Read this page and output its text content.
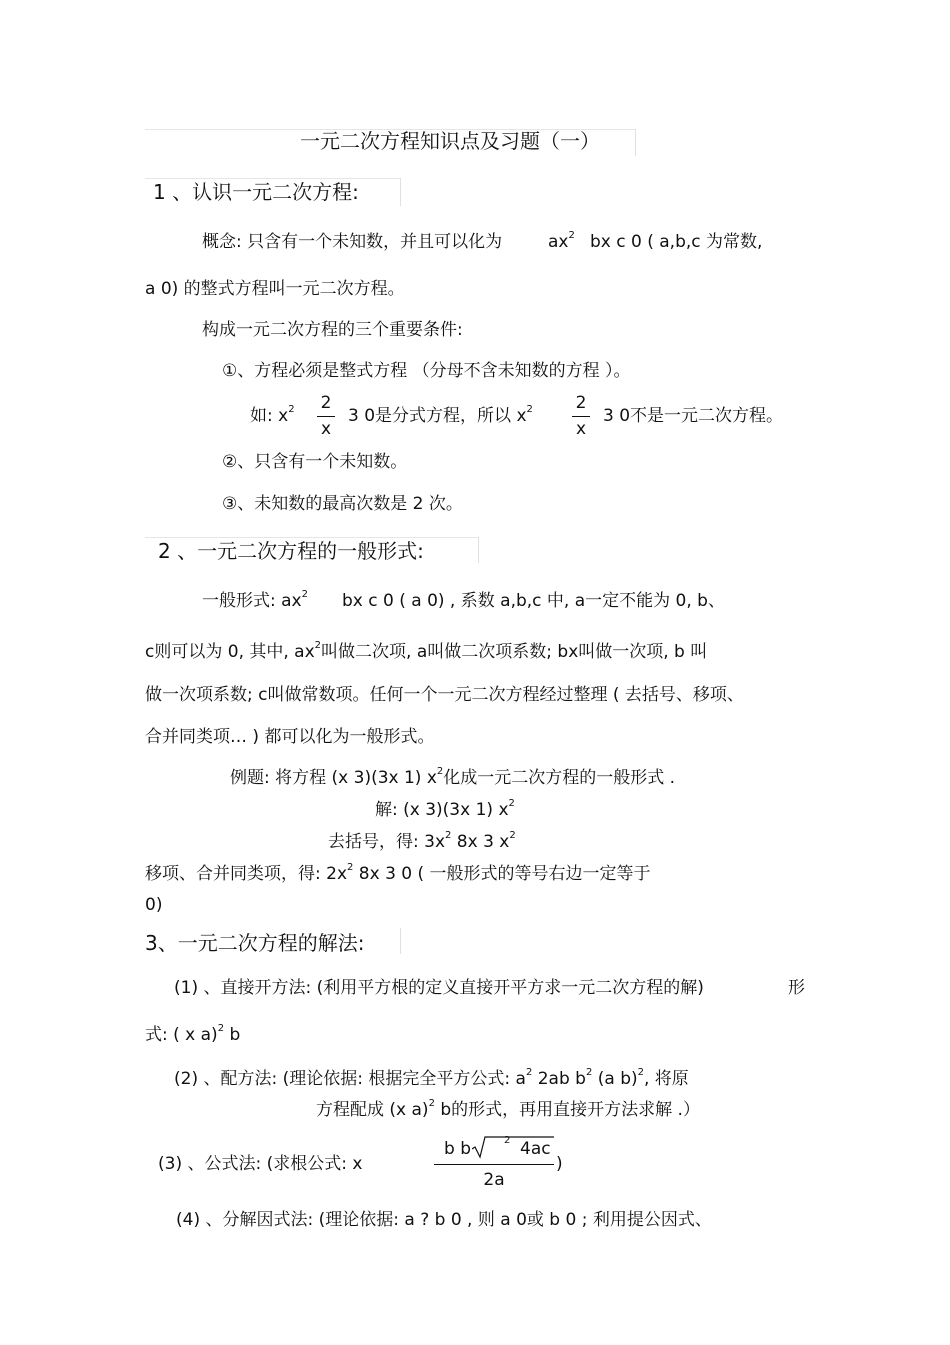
一元二次方程知识点及习题（一）
1 、认识一元二次方程:
概念: 只含有一个未知数，并且可以化为	$ax^2$ bx c 0 ( a,b,c 为常数,
a 0) 的整式方程叫一元二次方程。
构成一元二次方程的三个重要条件:
①、方程必须是整式方程 （分母不含未知数的方程 ）。
如: $x^2$ 2
x
3 0是分式方程，所以 $x^2$	2
x
3 0不是一元二次方程。
②、只含有一个未知数。
③、未知数的最高次数是 2 次。
2 、一元二次方程的一般形式:
一般形式: $ax^2$ bx c 0 ( a 0) , 系数 a,b,c 中, a一定不能为 0, b、
c则可以为 0, 其中, $ax^2$叫做二次项, a叫做二次项系数; bx叫做一次项, b 叫
做一次项系数; c叫做常数项。任何一个一元二次方程经过整理 ( 去括号、移项、
合并同类项… ) 都可以化为一般形式。
例题: 将方程 (x 3)(3x 1) $x^2$化成一元二次方程的一般形式 .
解: (x 3)(3x 1) $x^2$
去括号，得: $3x^2$ 8x 3 $x^2$
移项、合并同类项，得: $2x^2$ 8x 3 0 ( 一般形式的等号右边一定等于
0)
3、一元二次方程的解法:
(1) 、直接开方法: (利用平方根的定义直接开平方求一元二次方程的解)	形
式: ( x a)$^2$ b
(2) 、配方法: (理论依据: 根据完全平方公式: $a^2$ 2ab $b^2$ (a b)$^2$, 将原
方程配成 (x a)$^2$ b的形式，再用直接开方法求解 .）
(3) 、公式法: (求根公式: x
b b	2 4ac
2a
)
(4) 、分解因式法: (理论依据: a ? b 0 , 则 a 0或 b 0 ; 利用提公因式、
